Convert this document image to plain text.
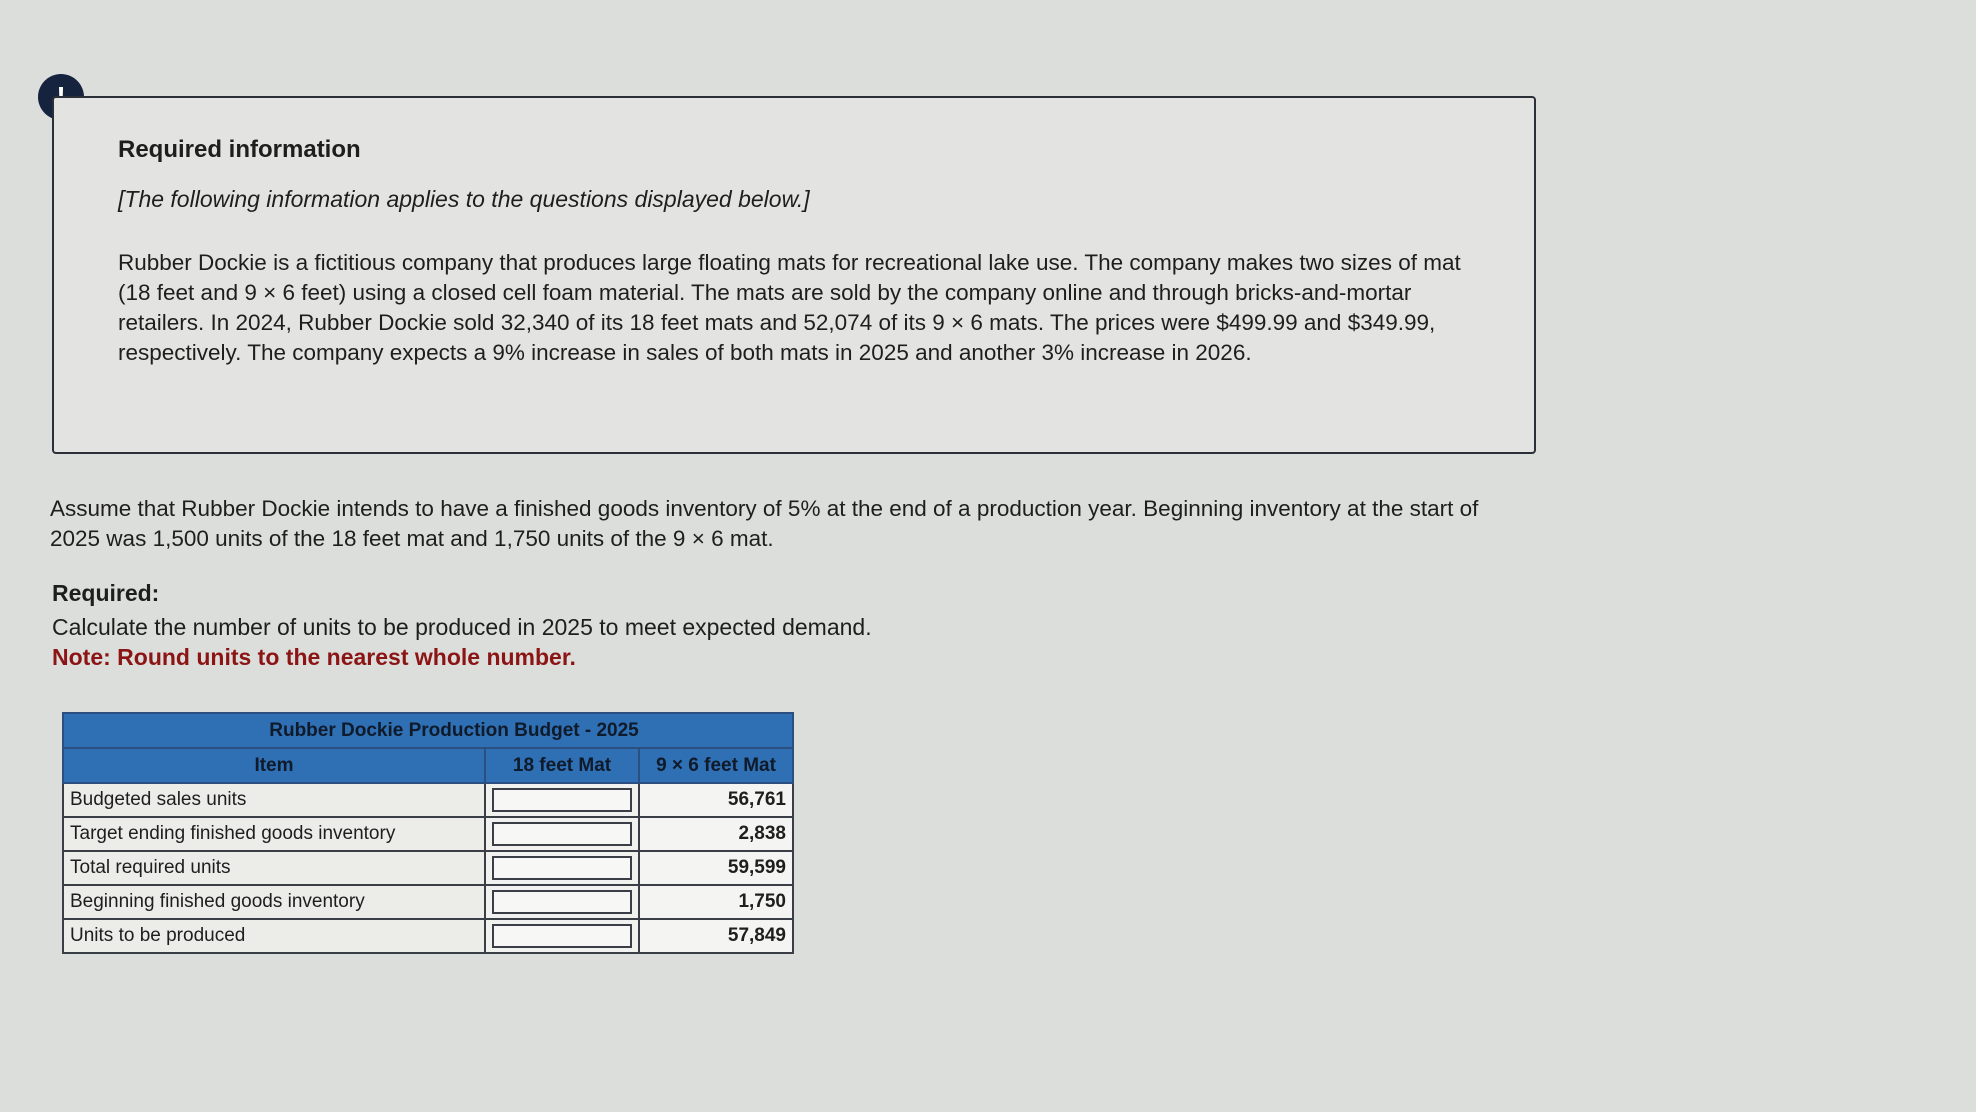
Required information
[The following information applies to the questions displayed below.]
Rubber Dockie is a fictitious company that produces large floating mats for recreational lake use. The company makes two sizes of mat (18 feet and 9 × 6 feet) using a closed cell foam material. The mats are sold by the company online and through bricks-and-mortar retailers. In 2024, Rubber Dockie sold 32,340 of its 18 feet mats and 52,074 of its 9 × 6 mats. The prices were $499.99 and $349.99, respectively. The company expects a 9% increase in sales of both mats in 2025 and another 3% increase in 2026.
Assume that Rubber Dockie intends to have a finished goods inventory of 5% at the end of a production year. Beginning inventory at the start of 2025 was 1,500 units of the 18 feet mat and 1,750 units of the 9 × 6 mat.
Required:
Calculate the number of units to be produced in 2025 to meet expected demand.
Note: Round units to the nearest whole number.
Rubber Dockie Production Budget - 2025		
Item	18 feet Mat	9 × 6 feet Mat
Budgeted sales units		56,761
Target ending finished goods inventory		2,838
Total required units		59,599
Beginning finished goods inventory		1,750
Units to be produced		57,849
